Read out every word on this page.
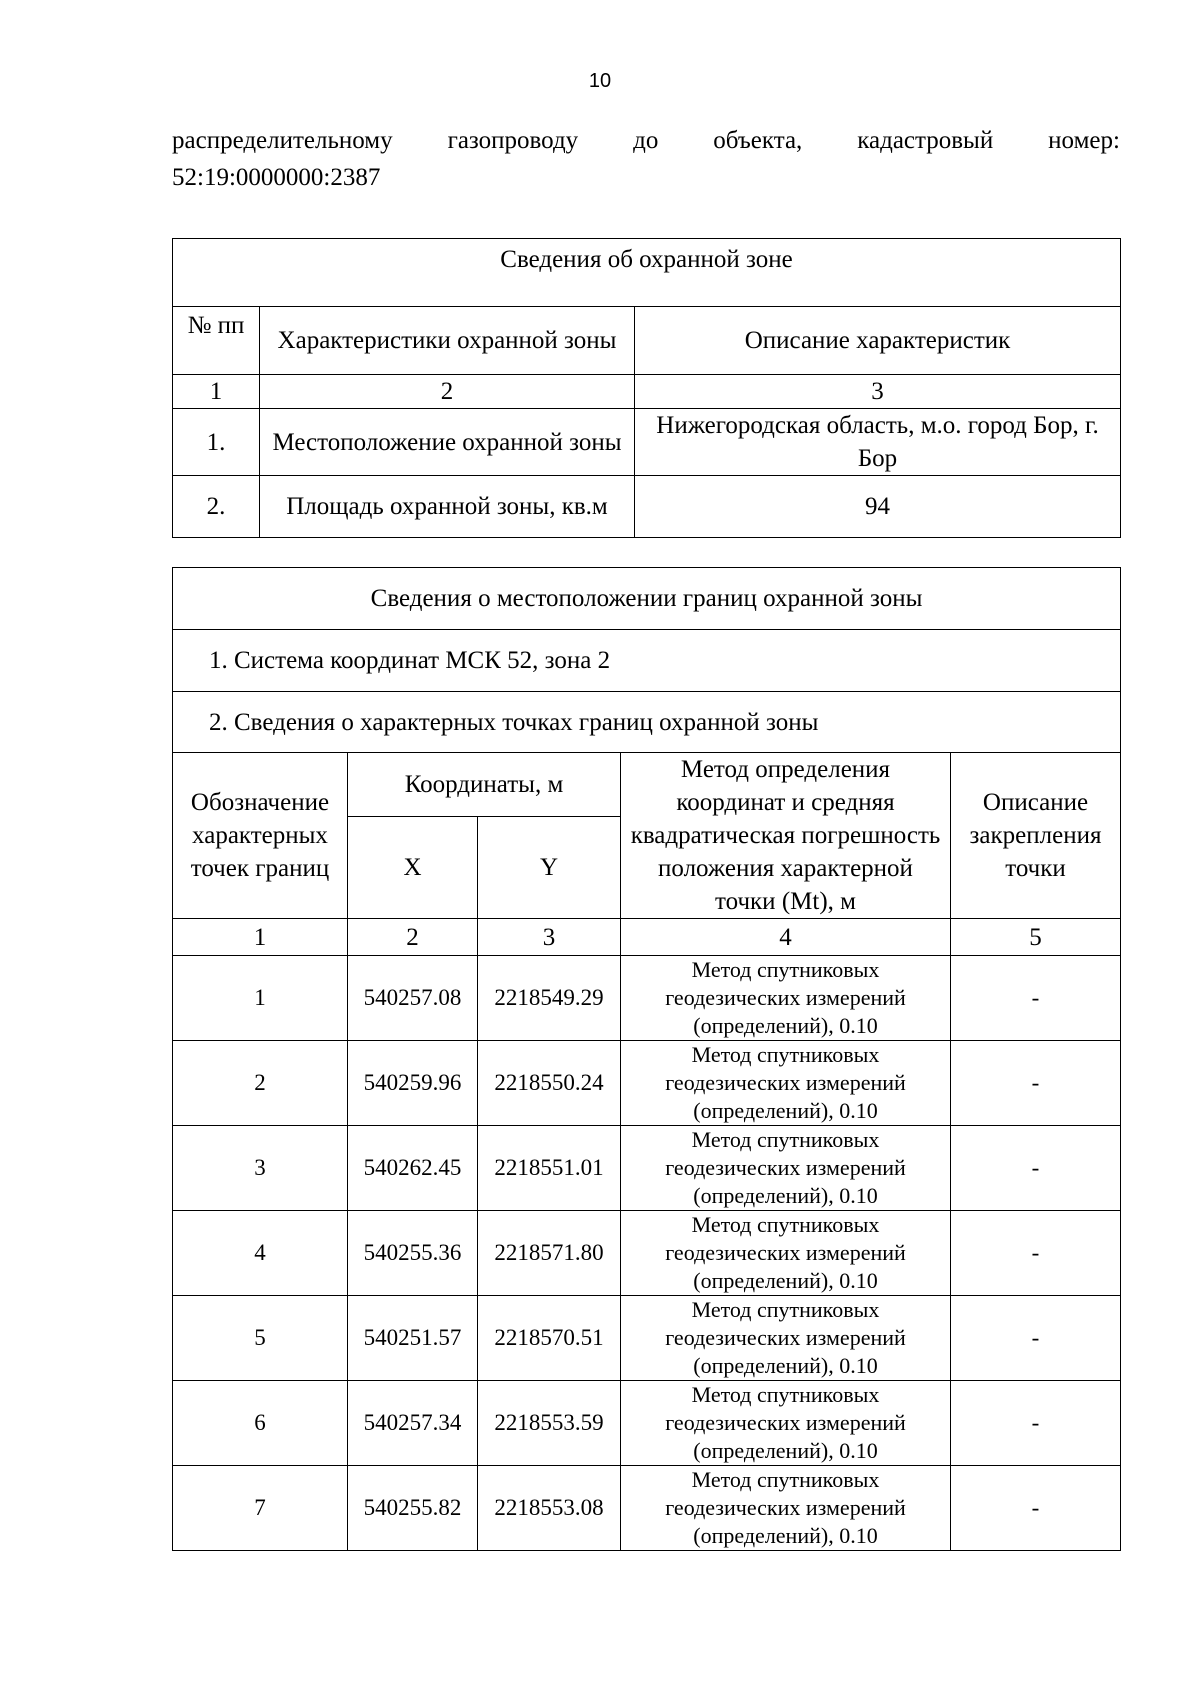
10
распределительному газопроводу до объекта, кадастровый номер:
52:19:0000000:2387
Сведения об охранной зоне		
№ пп	Характеристики охранной зоны	Описание характеристик
1	2	3
1.	Местоположение охранной зоны	Нижегородская область, м.о. город Бор, г. Бор
2.	Площадь охранной зоны, кв.м	94
Сведения о местоположении границ охранной зоны				
1. Система координат МСК 52, зона 2				
2. Сведения о характерных точках границ охранной зоны				
Обозначение характерных точек границ	Координаты, м		Метод определения координат и средняя квадратическая погрешность положения характерной точки (Mt), м	Описание закрепления точки
	X	Y		
1	2	3	4	5
1	540257.08	2218549.29	Метод спутниковых геодезических измерений (определений), 0.10	-
2	540259.96	2218550.24	Метод спутниковых геодезических измерений (определений), 0.10	-
3	540262.45	2218551.01	Метод спутниковых геодезических измерений (определений), 0.10	-
4	540255.36	2218571.80	Метод спутниковых геодезических измерений (определений), 0.10	-
5	540251.57	2218570.51	Метод спутниковых геодезических измерений (определений), 0.10	-
6	540257.34	2218553.59	Метод спутниковых геодезических измерений (определений), 0.10	-
7	540255.82	2218553.08	Метод спутниковых геодезических измерений (определений), 0.10	-
